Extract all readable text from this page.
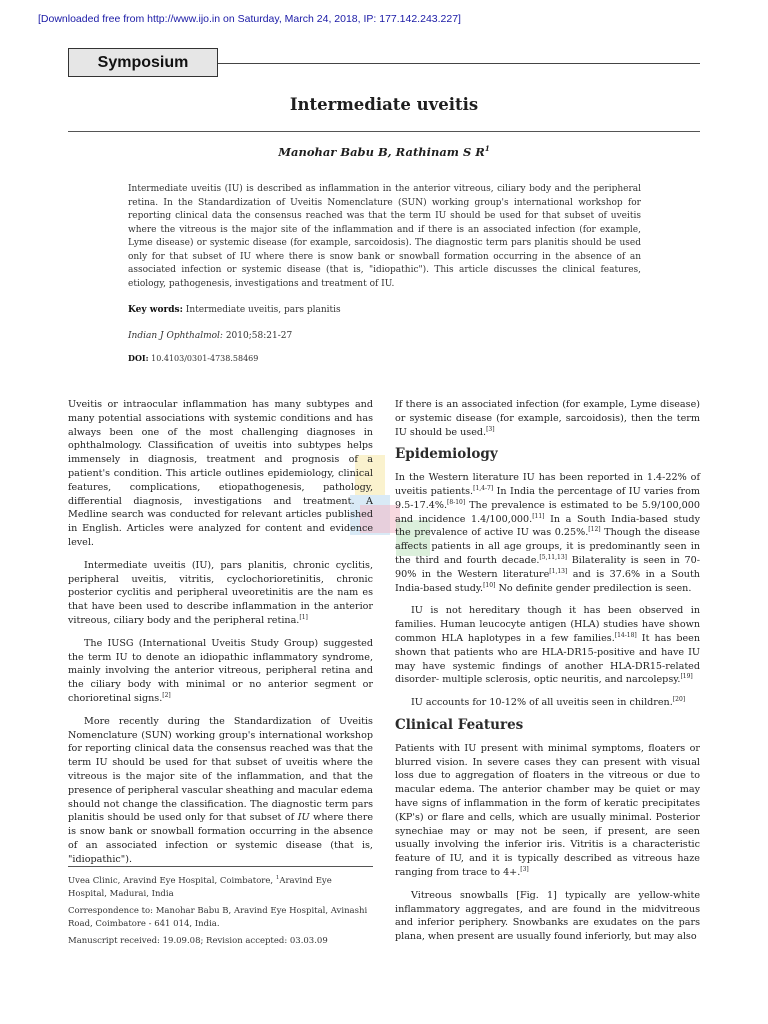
[Downloaded free from http://www.ijo.in on Saturday, March 24, 2018, IP: 177.142.243.227]
Symposium
Intermediate uveitis
Manohar Babu B, Rathinam S $R^1$
Intermediate uveitis (IU) is described as inflammation in the anterior vitreous, ciliary body and the peripheral retina. In the Standardization of Uveitis Nomenclature (SUN) working group's international workshop for reporting clinical data the consensus reached was that the term IU should be used for that subset of uveitis where the vitreous is the major site of the inflammation and if there is an associated infection (for example, Lyme disease) or systemic disease (for example, sarcoidosis). The diagnostic term pars planitis should be used only for that subset of IU where there is snow bank or snowball formation occurring in the absence of an associated infection or systemic disease (that is, "idiopathic"). This article discusses the clinical features, etiology, pathogenesis, investigations and treatment of IU.
Key words: Intermediate uveitis, pars planitis
Indian J Ophthalmol: 2010;58:21-27
DOI: 10.4103/0301-4738.58469

Uveitis or intraocular inflammation has many subtypes and many potential associations with systemic conditions and has always been one of the most challenging diagnoses in ophthalmology. Classification of uveitis into subtypes helps immensely in diagnosis, treatment and prognosis of a patient's condition. This article outlines epidemiology, clinical features, complications, etiopathogenesis, pathology, differential diagnosis, investigations and treatment. A Medline search was conducted for relevant articles published in English. Articles were analyzed for content and evidence level.

Intermediate uveitis (IU), pars planitis, chronic cyclitis, peripheral uveitis, vitritis, cyclochorioretinitis, chronic posterior cyclitis and peripheral uveoretinitis are the nam es that have been used to describe inflammation in the anterior vitreous, ciliary body and the peripheral retina.[1]

The IUSG (International Uveitis Study Group) suggested the term IU to denote an idiopathic inflammatory syndrome, mainly involving the anterior vitreous, peripheral retina and the ciliary body with minimal or no anterior segment or chorioretinal signs.[2]

More recently during the Standardization of Uveitis Nomenclature (SUN) working group's international workshop for reporting clinical data the consensus reached was that the term IU should be used for that subset of uveitis where the vitreous is the major site of the inflammation, and that the presence of peripheral vascular sheathing and macular edema should not change the classification. The diagnostic term pars planitis should be used only for that subset of IU where there is snow bank or snowball formation occurring in the absence of an associated infection or systemic disease (that is, "idiopathic").

Uvea Clinic, Aravind Eye Hospital, Coimbatore, $^1$Aravind Eye Hospital, Madurai, India

Correspondence to: Manohar Babu B, Aravind Eye Hospital, Avinashi Road, Coimbatore - 641 014, India.

Manuscript received: 19.09.08; Revision accepted: 03.03.09

If there is an associated infection (for example, Lyme disease) or systemic disease (for example, sarcoidosis), then the term IU should be used.[3]

Epidemiology

In the Western literature IU has been reported in 1.4-22% of uveitis patients.[1,4-7] In India the percentage of IU varies from 9.5-17.4%.[8-10] The prevalence is estimated to be 5.9/100,000 and incidence 1.4/100,000.[11] In a South India-based study the prevalence of active IU was 0.25%.[12] Though the disease affects patients in all age groups, it is predominantly seen in the third and fourth decade.[5,11,13] Bilaterality is seen in 70-90% in the Western literature[1,13] and is 37.6% in a South India-based study.[10] No definite gender predilection is seen.

IU is not hereditary though it has been observed in families. Human leucocyte antigen (HLA) studies have shown common HLA haplotypes in a few families.[14-18] It has been shown that patients who are HLA-DR15-positive and have IU may have systemic findings of another HLA-DR15-related disorder- multiple sclerosis, optic neuritis, and narcolepsy.[19]

IU accounts for 10-12% of all uveitis seen in children.[20]

Clinical Features

Patients with IU present with minimal symptoms, floaters or blurred vision. In severe cases they can present with visual loss due to aggregation of floaters in the vitreous or due to macular edema. The anterior chamber may be quiet or may have signs of inflammation in the form of keratic precipitates (KP's) or flare and cells, which are usually minimal. Posterior synechiae may or may not be seen, if present, are seen usually involving the inferior iris. Vitritis is a characteristic feature of IU, and it is typically described as vitreous haze ranging from trace to 4+.[3]

Vitreous snowballs [Fig. 1] typically are yellow-white inflammatory aggregates, and are found in the midvitreous and inferior periphery. Snowbanks are exudates on the pars plana, when present are usually found inferiorly, but may also
